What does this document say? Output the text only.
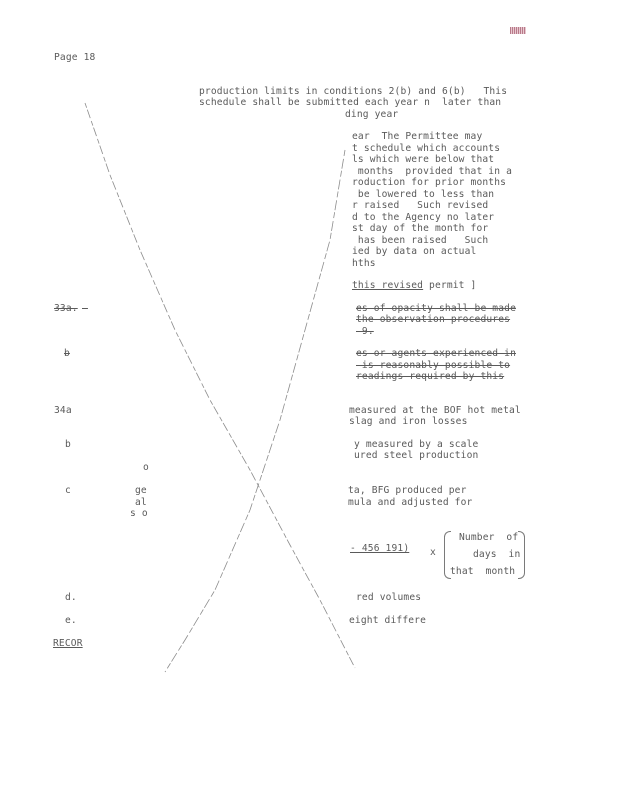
Page 18
production limits in conditions 2(b) and 6(b)   This
schedule shall be submitted each year n  later than
ding year
ear  The Permittee may
t schedule which accounts
ls which were below that
months  provided that in a
roduction for prior months
be lowered to less than
r raised   Such revised
d to the Agency no later
st day of the month for
has been raised   Such
ied by data on actual
hths
this revised permit ]
33a.
	es of opacity shall be made
the observation procedures
9.
b	es or agents experienced in
is reasonably possible to
readings required by this
34a	measured at the BOF hot metal
slag and iron losses
b	y measured by a scale
ured steel production
o
c	ge
al
s o
ta, BFG produced per
mula and adjusted for
- 456 191) x
Number  of
days  in
that  month
d.	red volumes
e.	eight differe
RECOR
